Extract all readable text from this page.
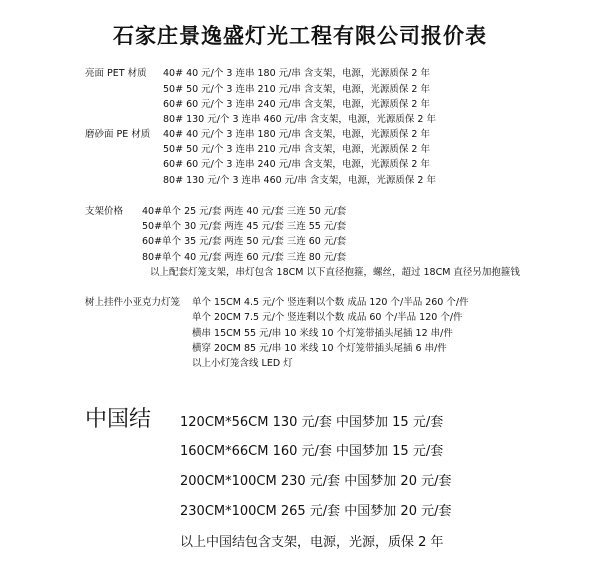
石家庄景逸盛灯光工程有限公司报价表
亮面 PET 材质 40# 40 元/个 3 连串 180 元/串 含支架，电源，光源质保 2 年
50# 50 元/个 3 连串 210 元/串 含支架，电源，光源质保 2 年
60# 60 元/个 3 连串 240 元/串 含支架，电源，光源质保 2 年
80# 130 元/个 3 连串 460 元/串 含支架，电源，光源质保 2 年
磨砂面 PE 材质 40# 40 元/个 3 连串 180 元/串 含支架，电源，光源质保 2 年
50# 50 元/个 3 连串 210 元/串 含支架，电源，光源质保 2 年
60# 60 元/个 3 连串 240 元/串 含支架，电源，光源质保 2 年
80# 130 元/个 3 连串 460 元/串 含支架，电源，光源质保 2 年
支架价格 40#单个 25 元/套 两连 40 元/套 三连 50 元/套
50#单个 30 元/套 两连 45 元/套 三连 55 元/套
60#单个 35 元/套 两连 50 元/套 三连 60 元/套
80#单个 40 元/套 两连 60 元/套 三连 80 元/套
以上配套灯笼支架，串灯包含 18CM 以下直径抱箍，螺丝，超过 18CM 直径另加抱箍钱
树上挂件小亚克力灯笼 单个 15CM 4.5 元/个 竖连剩以个数 成品 120 个/半品 260 个/件
单个 20CM 7.5 元/个 竖连剩以个数 成品 60 个/半品 120 个/件
横串 15CM 55 元/串 10 米线 10 个灯笼带插头尾插 12 串/件
横穿 20CM 85 元/串 10 米线 10 个灯笼带插头尾插 6 串/件
以上小灯笼含线 LED 灯
中国结 120CM*56CM 130 元/套 中国梦加 15 元/套
160CM*66CM 160 元/套 中国梦加 15 元/套
200CM*100CM 230 元/套 中国梦加 20 元/套
230CM*100CM 265 元/套 中国梦加 20 元/套
以上中国结包含支架，电源，光源，质保 2 年
